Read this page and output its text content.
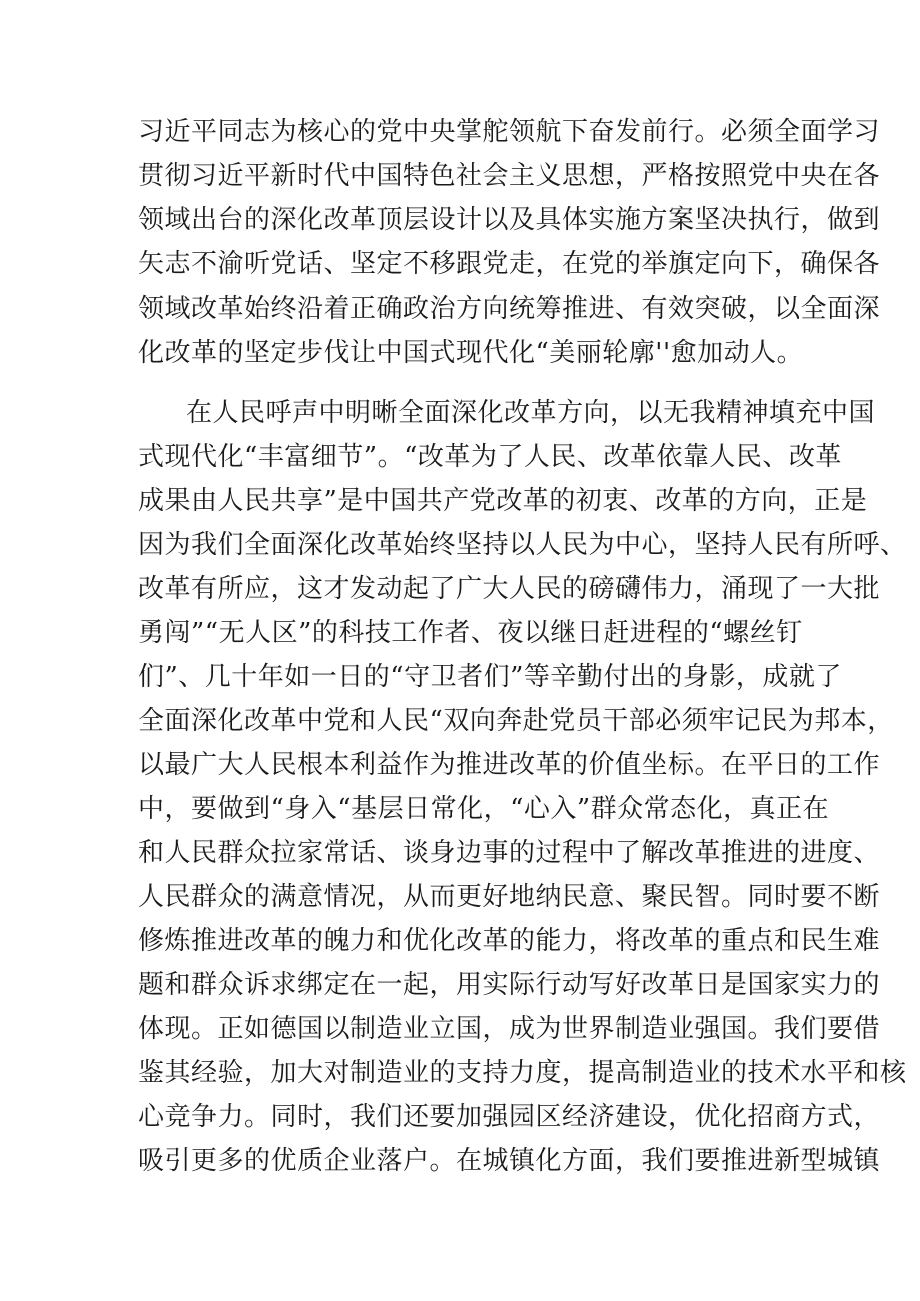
习近平同志为核心的党中央掌舵领航下奋发前行。必须全面学习
贯彻习近平新时代中国特色社会主义思想，严格按照党中央在各
领域出台的深化改革顶层设计以及具体实施方案坚决执行，做到
矢志不渝听党话、坚定不移跟党走，在党的举旗定向下，确保各
领域改革始终沿着正确政治方向统筹推进、有效突破，以全面深
化改革的坚定步伐让中国式现代化“美丽轮廓''愈加动人。
在人民呼声中明晰全面深化改革方向，以无我精神填充中国
式现代化“丰富细节”。“改革为了人民、改革依靠人民、改革
成果由人民共享”是中国共产党改革的初衷、改革的方向，正是
因为我们全面深化改革始终坚持以人民为中心，坚持人民有所呼、
改革有所应，这才发动起了广大人民的磅礴伟力，涌现了一大批
勇闯”“无人区”的科技工作者、夜以继日赶进程的“螺丝钉
们”、几十年如一日的“守卫者们”等辛勤付出的身影，成就了
全面深化改革中党和人民“双向奔赴党员干部必须牢记民为邦本，
以最广大人民根本利益作为推进改革的价值坐标。在平日的工作
中，要做到“身入“基层日常化，“心入”群众常态化，真正在
和人民群众拉家常话、谈身边事的过程中了解改革推进的进度、
人民群众的满意情况，从而更好地纳民意、聚民智。同时要不断
修炼推进改革的魄力和优化改革的能力，将改革的重点和民生难
题和群众诉求绑定在一起，用实际行动写好改革日是国家实力的
体现。正如德国以制造业立国，成为世界制造业强国。我们要借
鉴其经验，加大对制造业的支持力度，提高制造业的技术水平和核
心竞争力。同时，我们还要加强园区经济建设，优化招商方式，
吸引更多的优质企业落户。在城镇化方面，我们要推进新型城镇
